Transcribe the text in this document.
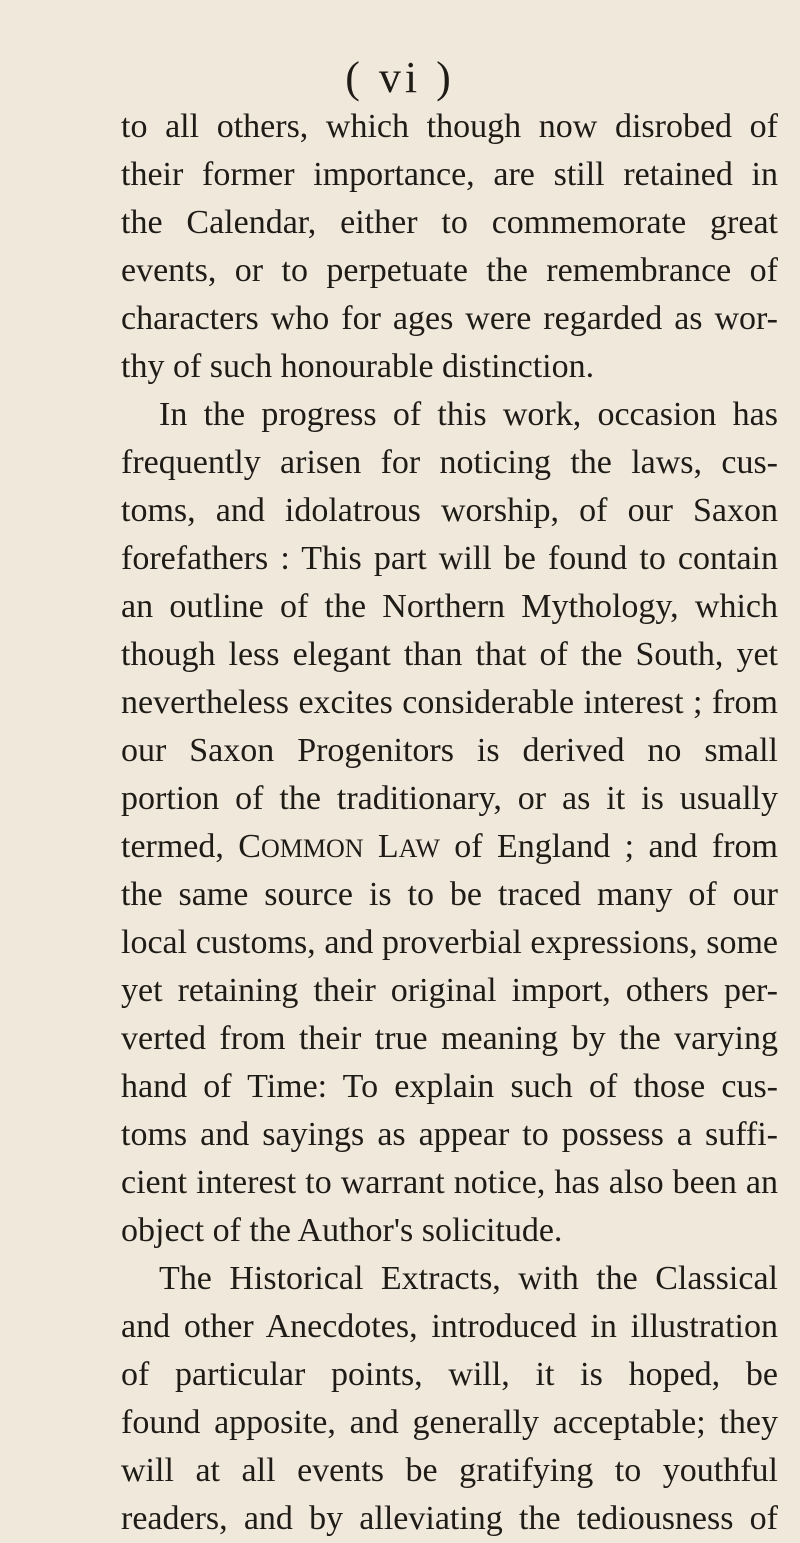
( vi )
to all others, which though now disrobed of
their former importance, are still retained in
the Calendar, either to commemorate great
events, or to perpetuate the remembrance of
characters who for ages were regarded as wor-
thy of such honourable distinction.
In the progress of this work, occasion has
frequently arisen for noticing the laws, cus-
toms, and idolatrous worship, of our Saxon
forefathers : This part will be found to contain
an outline of the Northern Mythology, which
though less elegant than that of the South, yet
nevertheless excites considerable interest ; from
our Saxon Progenitors is derived no small
portion of the traditionary, or as it is usually
termed, COMMON LAW of England ; and from
the same source is to be traced many of our
local customs, and proverbial expressions, some
yet retaining their original import, others per-
verted from their true meaning by the varying
hand of Time: To explain such of those cus-
toms and sayings as appear to possess a suffi-
cient interest to warrant notice, has also been an
object of the Author's solicitude.
The Historical Extracts, with the Classical
and other Anecdotes, introduced in illustration
of particular points, will, it is hoped, be
found apposite, and generally acceptable; they
will at all events be gratifying to youthful
readers, and by alleviating the tediousness of
